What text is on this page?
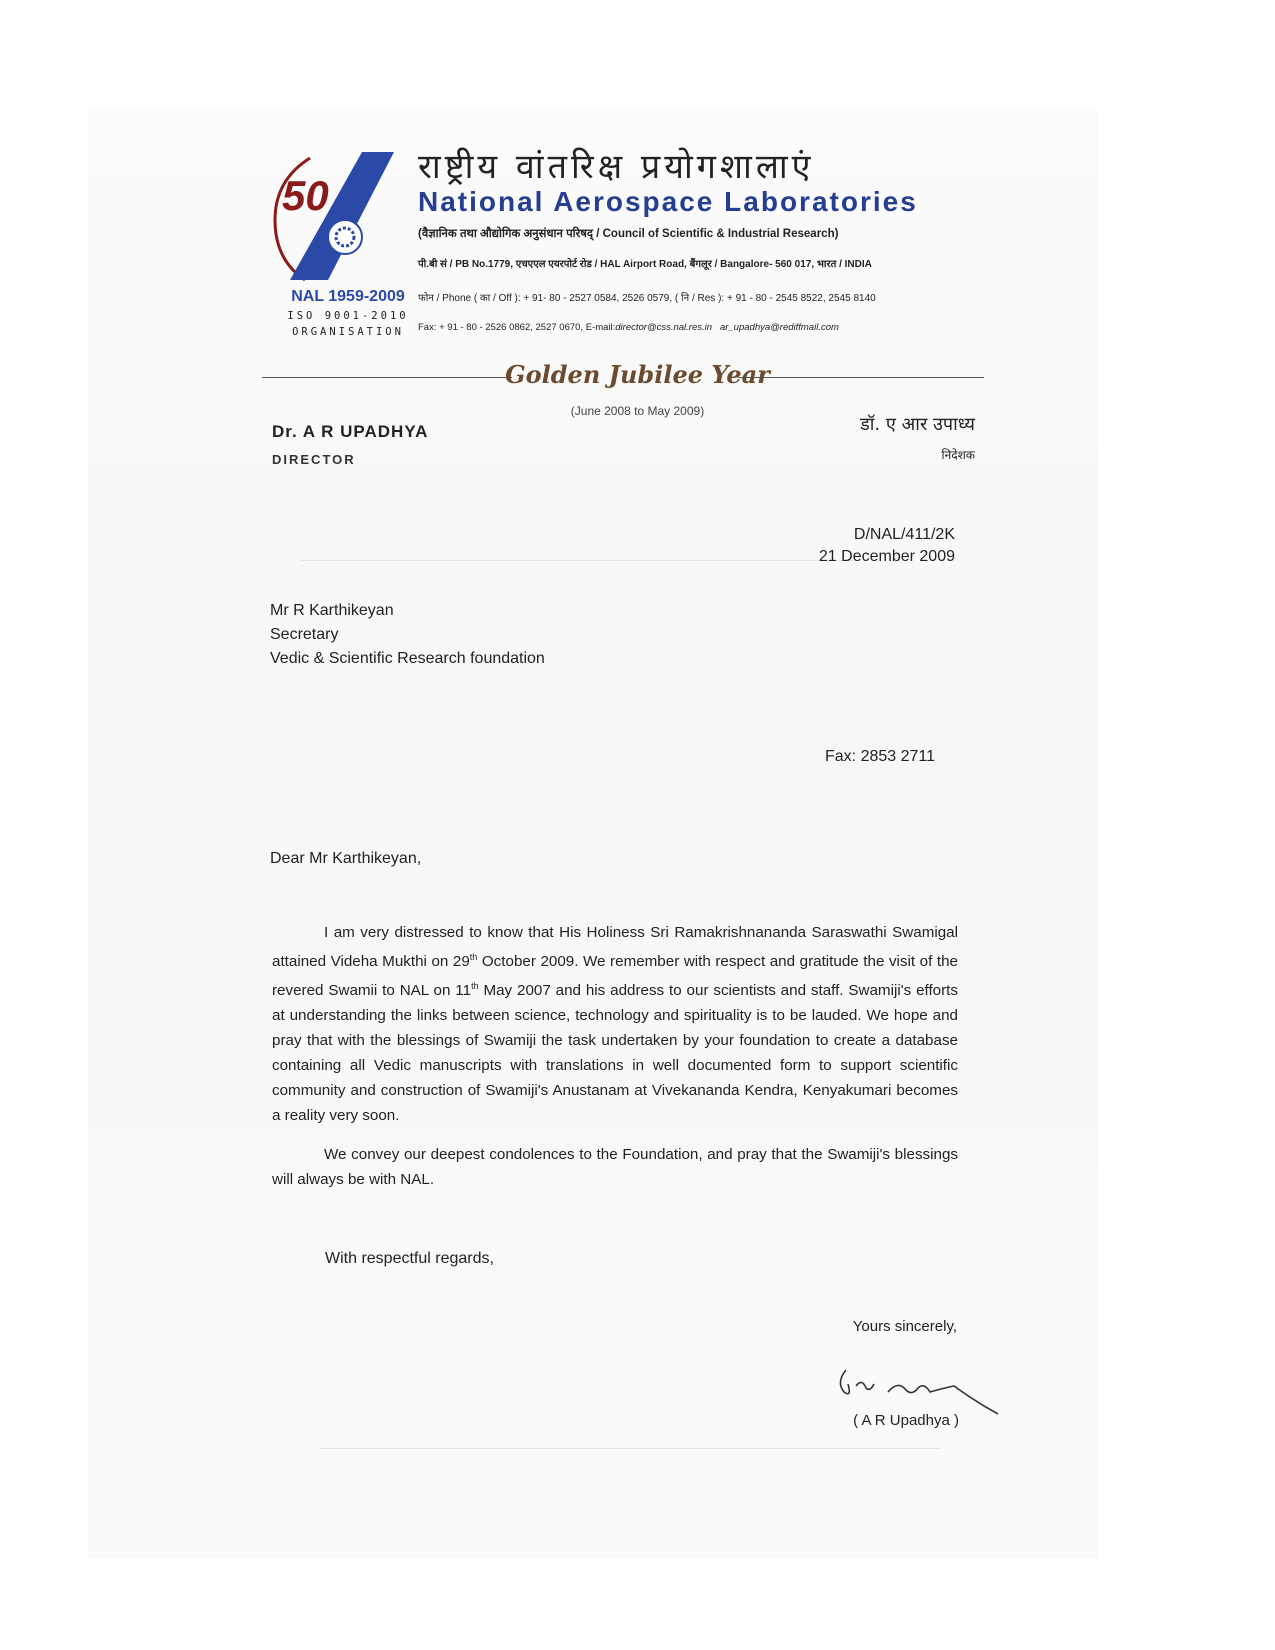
50
NAL 1959-2009
ISO 9001-2010
ORGANISATION
राष्ट्रीय वांतरिक्ष प्रयोगशालाएं
National Aerospace Laboratories
(वैज्ञानिक तथा औद्योगिक अनुसंधान परिषद् / Council of Scientific & Industrial Research)
पी.बी सं / PB No.1779, एचएएल एयरपोर्ट रोड / HAL Airport Road, बैंगलूर / Bangalore- 560 017, भारत / INDIA
फोन / Phone ( का / Off ): + 91- 80 - 2527 0584, 2526 0579, ( नि / Res ): + 91 - 80 - 2545 8522, 2545 8140
Fax: + 91 - 80 - 2526 0862, 2527 0670, E-mail:director@css.nal.res.in ar_upadhya@rediffmail.com
Golden Jubilee Year
(June 2008 to May 2009)
Dr. A R UPADHYA
DIRECTOR
डॉ. ए आर उपाध्य
निदेशक
D/NAL/411/2K
21 December 2009
Mr R Karthikeyan
Secretary
Vedic & Scientific Research foundation
Fax: 2853 2711
Dear Mr Karthikeyan,
I am very distressed to know that His Holiness Sri Ramakrishnananda Saraswathi Swamigal attained Videha Mukthi on 29th October 2009. We remember with respect and gratitude the visit of the revered Swamii to NAL on 11th May 2007 and his address to our scientists and staff. Swamiji's efforts at understanding the links between science, technology and spirituality is to be lauded. We hope and pray that with the blessings of Swamiji the task undertaken by your foundation to create a database containing all Vedic manuscripts with translations in well documented form to support scientific community and construction of Swamiji's Anustanam at Vivekananda Kendra, Kenyakumari becomes a reality very soon.
We convey our deepest condolences to the Foundation, and pray that the Swamiji's blessings will always be with NAL.
With respectful regards,
Yours sincerely,
( A R Upadhya )
